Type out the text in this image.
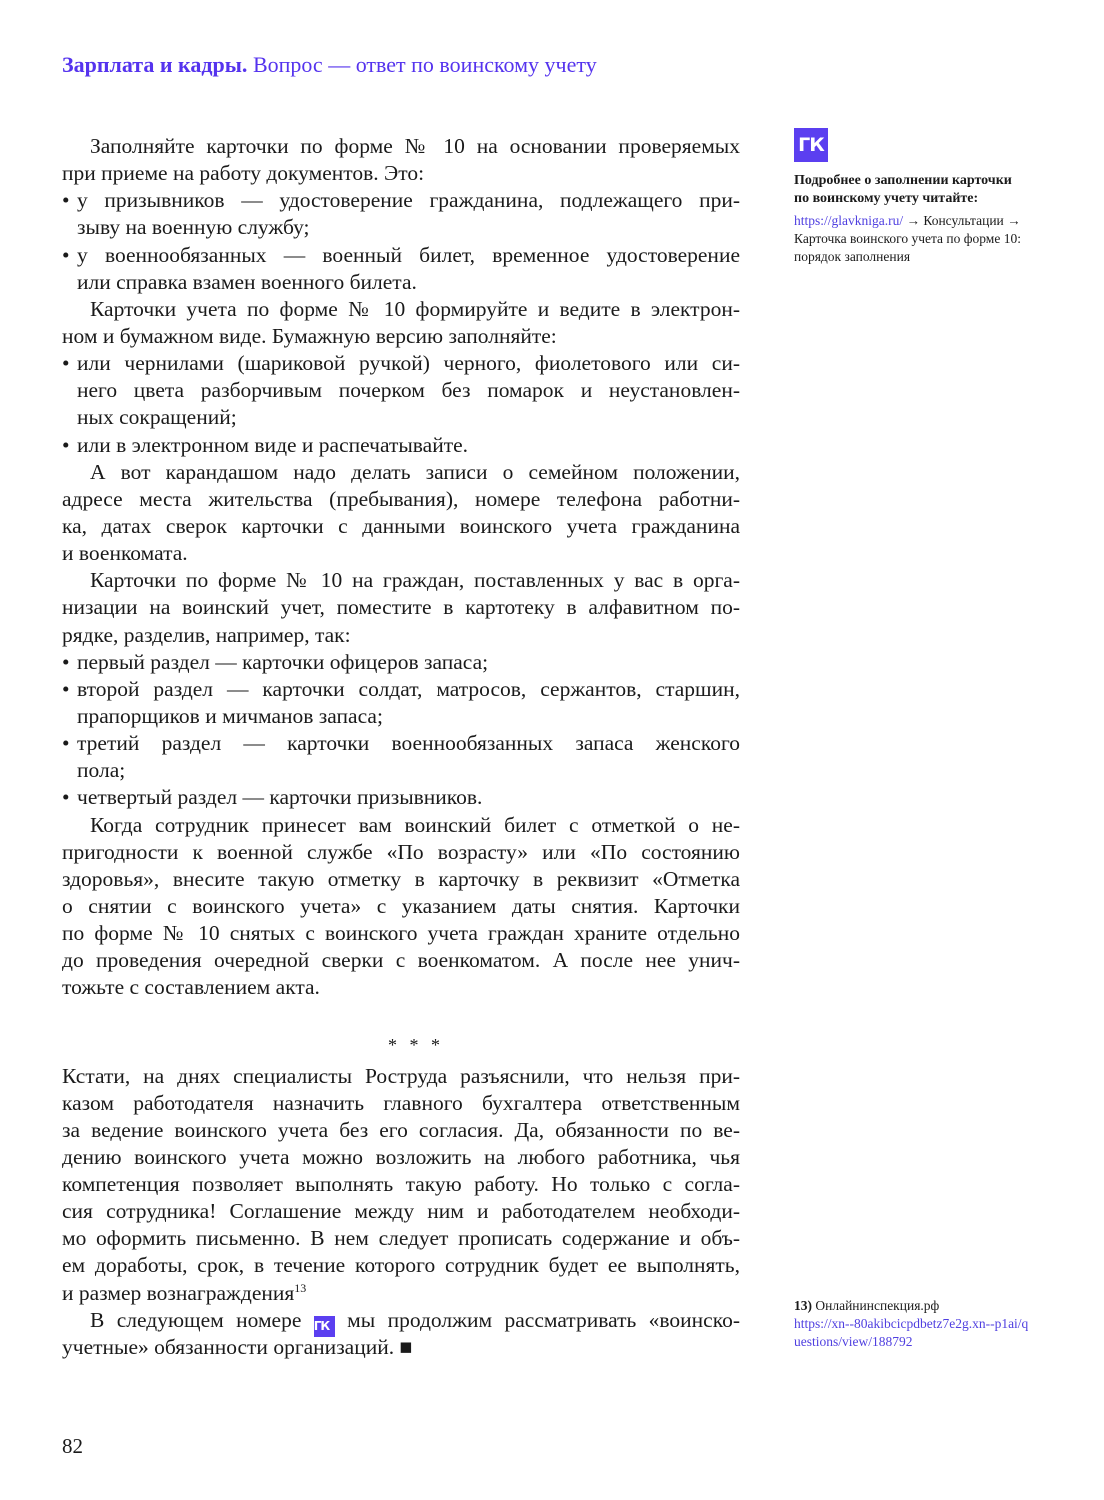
Зарплата и кадры. Вопрос — ответ по воинскому учету
Заполняйте карточки по форме № 10 на основании проверяемых
при приеме на работу документов. Это:
• у призывников — удостоверение гражданина, подлежащего при-
зыву на военную службу;
• у военнообязанных — военный билет, временное удостоверение
или справка взамен военного билета.
Карточки учета по форме № 10 формируйте и ведите в электрон-
ном и бумажном виде. Бумажную версию заполняйте:
• или чернилами (шариковой ручкой) черного, фиолетового или си-
него цвета разборчивым почерком без помарок и неустановлен-
ных сокращений;
• или в электронном виде и распечатывайте.
А вот карандашом надо делать записи о семейном положении,
адресе места жительства (пребывания), номере телефона работни-
ка, датах сверок карточки с данными воинского учета гражданина
и военкомата.
Карточки по форме № 10 на граждан, поставленных у вас в орга-
низации на воинский учет, поместите в картотеку в алфавитном по-
рядке, разделив, например, так:
• первый раздел — карточки офицеров запаса;
• второй раздел — карточки солдат, матросов, сержантов, старшин,
прапорщиков и мичманов запаса;
• третий раздел — карточки военнообязанных запаса женского
пола;
• четвертый раздел — карточки призывников.
Когда сотрудник принесет вам воинский билет с отметкой о не-
пригодности к военной службе «По возрасту» или «По состоянию
здоровья», внесите такую отметку в карточку в реквизит «Отметка
о снятии с воинского учета» с указанием даты снятия. Карточки
по форме № 10 снятых с воинского учета граждан храните отдельно
до проведения очередной сверки с военкоматом. А после нее унич-
тожьте с составлением акта.
* * *
Кстати, на днях специалисты Роструда разъяснили, что нельзя при-
казом работодателя назначить главного бухгалтера ответственным
за ведение воинского учета без его согласия. Да, обязанности по ве-
дению воинского учета можно возложить на любого работника, чья
компетенция позволяет выполнять такую работу. Но только с согла-
сия сотрудника! Соглашение между ним и работодателем необходи-
мо оформить письменно. В нем следует прописать содержание и объ-
ем доработы, срок, в течение которого сотрудник будет ее выполнять,
и размер вознаграждения$^{13}$
В следующем номере ГК мы продолжим рассматривать «воинско-
учетные» обязанности организаций. ■
ГК
Подробнее о заполнении карточки по воинскому учету читайте:
https://glavkniga.ru/ → Консультации → Карточка воинского учета по форме 10: порядок заполнения
13) Онлайнинспекция.рф
https://xn--80akibcicpdbetz7e2g.xn--p1ai/questions/view/188792
82
